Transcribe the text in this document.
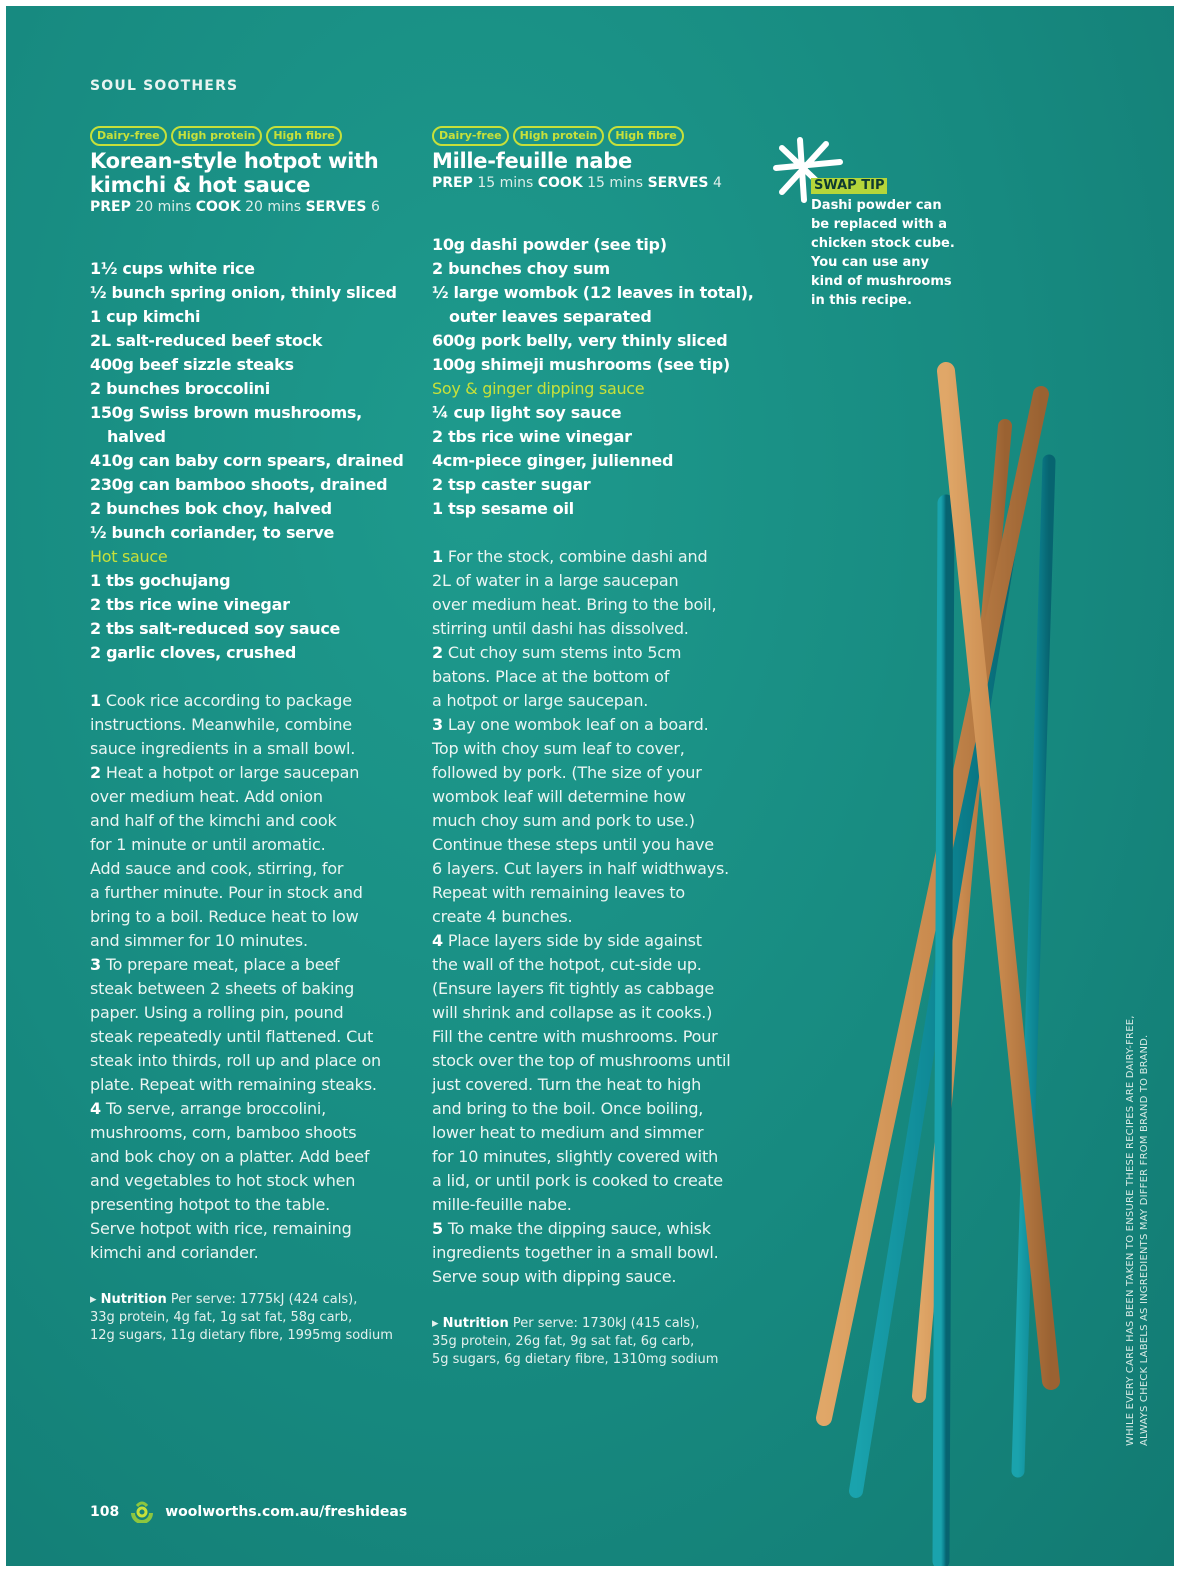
SOUL SOOTHERS
Dairy-free	High protein	High fibre
Korean-style hotpot with
kimchi & hot sauce
PREP 20 mins COOK 20 mins SERVES 6
1½ cups white rice
½ bunch spring onion, thinly sliced
1 cup kimchi
2L salt-reduced beef stock
400g beef sizzle steaks
2 bunches broccolini
150g Swiss brown mushrooms,
halved
410g can baby corn spears, drained
230g can bamboo shoots, drained
2 bunches bok choy, halved
½ bunch coriander, to serve
Hot sauce
1 tbs gochujang
2 tbs rice wine vinegar
2 tbs salt-reduced soy sauce
2 garlic cloves, crushed
1 Cook rice according to package
instructions. Meanwhile, combine
sauce ingredients in a small bowl.
2 Heat a hotpot or large saucepan
over medium heat. Add onion
and half of the kimchi and cook
for 1 minute or until aromatic.
Add sauce and cook, stirring, for
a further minute. Pour in stock and
bring to a boil. Reduce heat to low
and simmer for 10 minutes.
3 To prepare meat, place a beef
steak between 2 sheets of baking
paper. Using a rolling pin, pound
steak repeatedly until flattened. Cut
steak into thirds, roll up and place on
plate. Repeat with remaining steaks.
4 To serve, arrange broccolini,
mushrooms, corn, bamboo shoots
and bok choy on a platter. Add beef
and vegetables to hot stock when
presenting hotpot to the table.
Serve hotpot with rice, remaining
kimchi and coriander.
▸ Nutrition Per serve: 1775kJ (424 cals),
33g protein, 4g fat, 1g sat fat, 58g carb,
12g sugars, 11g dietary fibre, 1995mg sodium
Dairy-free	High protein	High fibre
Mille-feuille nabe
PREP 15 mins COOK 15 mins SERVES 4
10g dashi powder (see tip)
2 bunches choy sum
½ large wombok (12 leaves in total),
outer leaves separated
600g pork belly, very thinly sliced
100g shimeji mushrooms (see tip)
Soy & ginger dipping sauce
¼ cup light soy sauce
2 tbs rice wine vinegar
4cm-piece ginger, julienned
2 tsp caster sugar
1 tsp sesame oil
1 For the stock, combine dashi and
2L of water in a large saucepan
over medium heat. Bring to the boil,
stirring until dashi has dissolved.
2 Cut choy sum stems into 5cm
batons. Place at the bottom of
a hotpot or large saucepan.
3 Lay one wombok leaf on a board.
Top with choy sum leaf to cover,
followed by pork. (The size of your
wombok leaf will determine how
much choy sum and pork to use.)
Continue these steps until you have
6 layers. Cut layers in half widthways.
Repeat with remaining leaves to
create 4 bunches.
4 Place layers side by side against
the wall of the hotpot, cut-side up.
(Ensure layers fit tightly as cabbage
will shrink and collapse as it cooks.)
Fill the centre with mushrooms. Pour
stock over the top of mushrooms until
just covered. Turn the heat to high
and bring to the boil. Once boiling,
lower heat to medium and simmer
for 10 minutes, slightly covered with
a lid, or until pork is cooked to create
mille-feuille nabe.
5 To make the dipping sauce, whisk
ingredients together in a small bowl.
Serve soup with dipping sauce.
▸ Nutrition Per serve: 1730kJ (415 cals),
35g protein, 26g fat, 9g sat fat, 6g carb,
5g sugars, 6g dietary fibre, 1310mg sodium
SWAP TIP
Dashi powder can
be replaced with a
chicken stock cube.
You can use any
kind of mushrooms
in this recipe.
WHILE EVERY CARE HAS BEEN TAKEN TO ENSURE THESE RECIPES ARE DAIRY-FREE, ALWAYS CHECK LABELS AS INGREDIENTS MAY DIFFER FROM BRAND TO BRAND.
108	woolworths.com.au/freshideas
